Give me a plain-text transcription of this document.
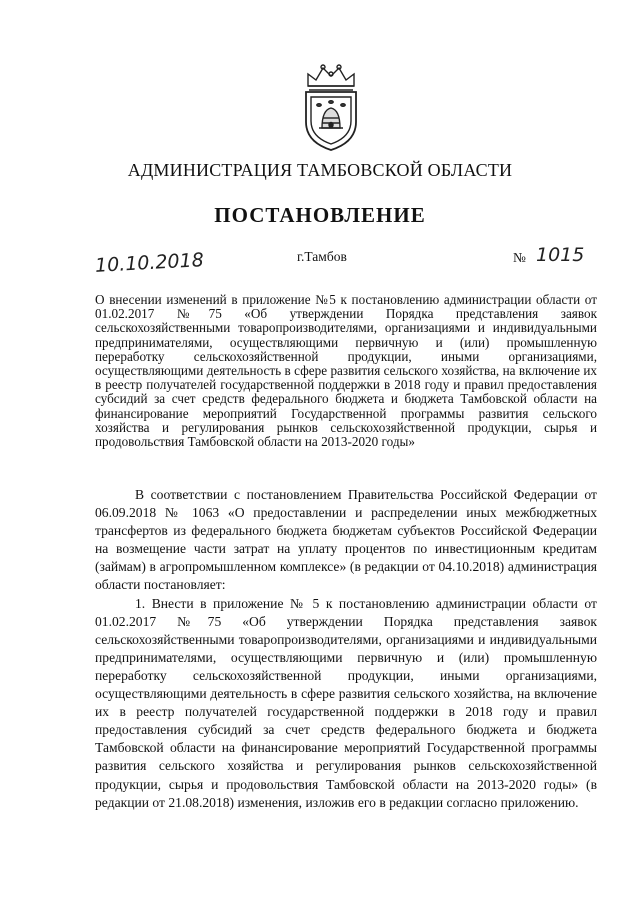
АДМИНИСТРАЦИЯ ТАМБОВСКОЙ ОБЛАСТИ
ПОСТАНОВЛЕНИЕ
10.10.2018	г.Тамбов	№ 1015
О внесении изменений в приложение №5 к постановлению администрации области от 01.02.2017 №75 «Об утверждении Порядка представления заявок сельскохозяйственными товаропроизводителями, организациями и индивидуальными предпринимателями, осуществляющими первичную и (или) промышленную переработку сельскохозяйственной продукции, иными организациями, осуществляющими деятельность в сфере развития сельского хозяйства, на включение их в реестр получателей государственной поддержки в 2018 году и правил предоставления субсидий за счет средств федерального бюджета и бюджета Тамбовской области на финансирование мероприятий Государственной программы развития сельского хозяйства и регулирования рынков сельскохозяйственной продукции, сырья и продовольствия Тамбовской области на 2013-2020 годы»

В соответствии с постановлением Правительства Российской Федерации от 06.09.2018 № 1063 «О предоставлении и распределении иных межбюджетных трансфертов из федерального бюджета бюджетам субъектов Российской Федерации на возмещение части затрат на уплату процентов по инвестиционным кредитам (займам) в агропромышленном комплексе» (в редакции от 04.10.2018) администрация области постановляет:

1. Внести в приложение № 5 к постановлению администрации области от 01.02.2017 №75 «Об утверждении Порядка представления заявок сельскохозяйственными товаропроизводителями, организациями и индивидуальными предпринимателями, осуществляющими первичную и (или) промышленную переработку сельскохозяйственной продукции, иными организациями, осуществляющими деятельность в сфере развития сельского хозяйства, на включение их в реестр получателей государственной поддержки в 2018 году и правил предоставления субсидий за счет средств федерального бюджета и бюджета Тамбовской области на финансирование мероприятий Государственной программы развития сельского хозяйства и регулирования рынков сельскохозяйственной продукции, сырья и продовольствия Тамбовской области на 2013-2020 годы» (в редакции от 21.08.2018) изменения, изложив его в редакции согласно приложению.
